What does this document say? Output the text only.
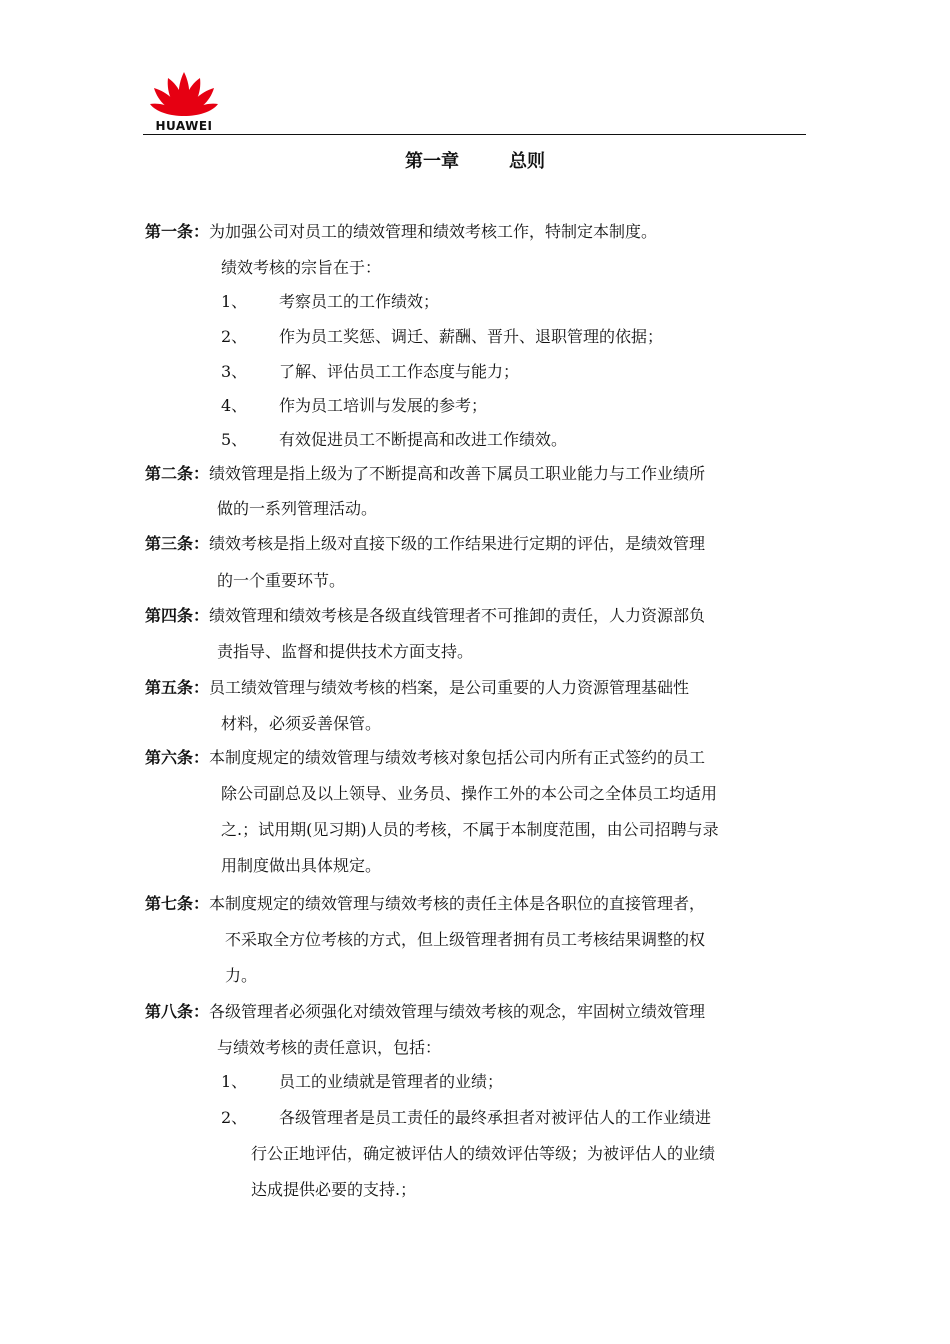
HUAWEI
第一章	总则
第一条：为加强公司对员工的绩效管理和绩效考核工作，特制定本制度。
绩效考核的宗旨在于：
1、 考察员工的工作绩效；
2、 作为员工奖惩、调迁、薪酬、晋升、退职管理的依据；
3、 了解、评估员工工作态度与能力；
4、 作为员工培训与发展的参考；
5、 有效促进员工不断提高和改进工作绩效。
第二条：绩效管理是指上级为了不断提高和改善下属员工职业能力与工作业绩所
做的一系列管理活动。
第三条：绩效考核是指上级对直接下级的工作结果进行定期的评估，是绩效管理
的一个重要环节。
第四条：绩效管理和绩效考核是各级直线管理者不可推卸的责任，人力资源部负
责指导、监督和提供技术方面支持。
第五条：员工绩效管理与绩效考核的档案，是公司重要的人力资源管理基础性
材料，必须妥善保管。
第六条：本制度规定的绩效管理与绩效考核对象包括公司内所有正式签约的员工
除公司副总及以上领导、业务员、操作工外的本公司之全体员工均适用
之.；试用期(见习期)人员的考核，不属于本制度范围，由公司招聘与录
用制度做出具体规定。
第七条：本制度规定的绩效管理与绩效考核的责任主体是各职位的直接管理者，
不采取全方位考核的方式，但上级管理者拥有员工考核结果调整的权
力。
第八条：各级管理者必须强化对绩效管理与绩效考核的观念，牢固树立绩效管理
与绩效考核的责任意识，包括：
1、 员工的业绩就是管理者的业绩；
2、 各级管理者是员工责任的最终承担者对被评估人的工作业绩进
行公正地评估，确定被评估人的绩效评估等级；为被评估人的业绩
达成提供必要的支持.；
